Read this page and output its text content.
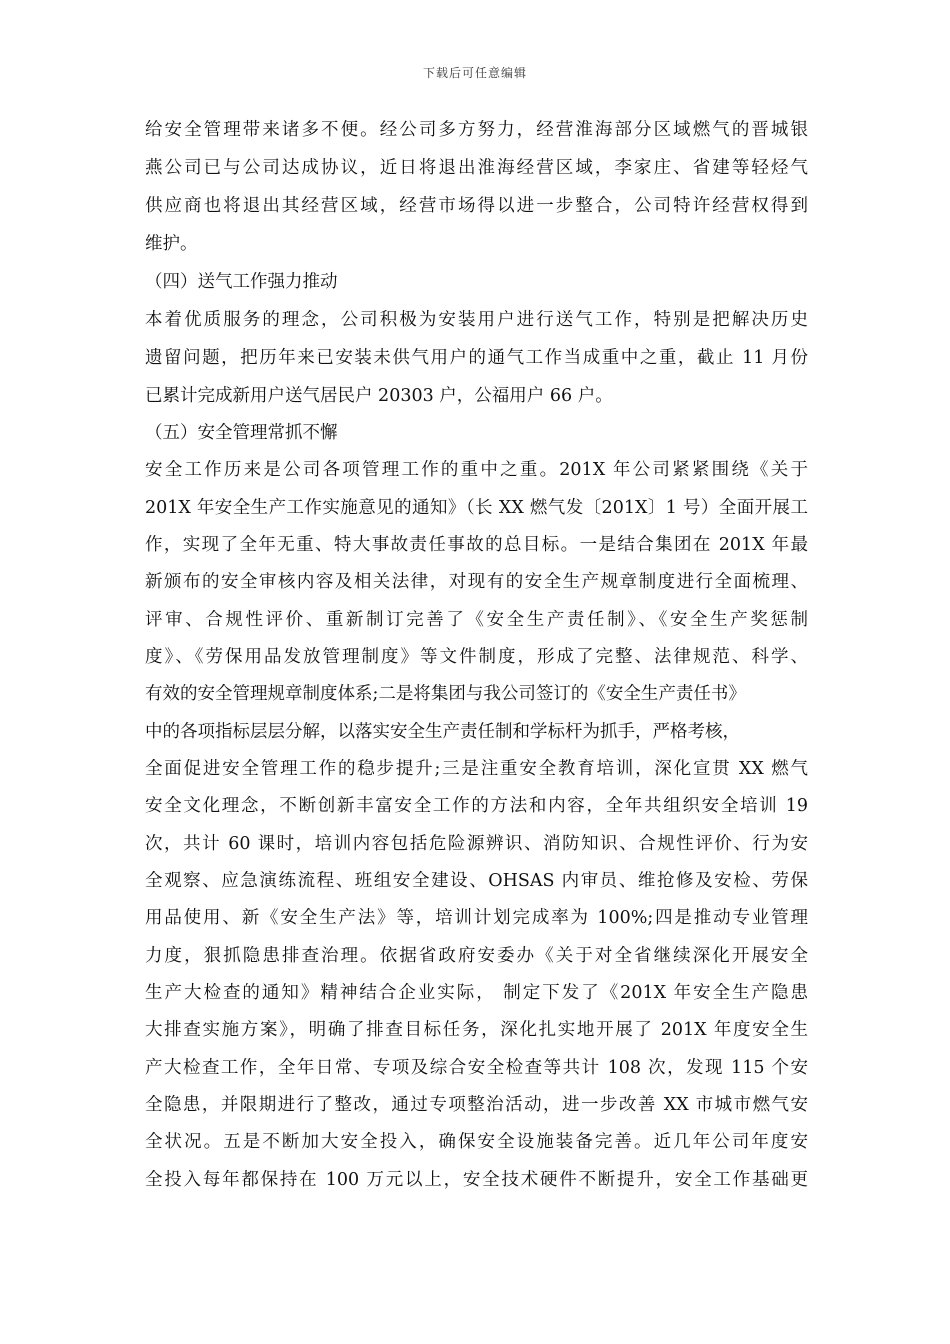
下载后可任意编辑
给安全管理带来诸多不便。经公司多方努力，经营淮海部分区域燃气的晋城银
燕公司已与公司达成协议，近日将退出淮海经营区域，李家庄、省建等轻烃气
供应商也将退出其经营区域，经营市场得以进一步整合，公司特许经营权得到
维护。
（四）送气工作强力推动
本着优质服务的理念，公司积极为安装用户进行送气工作，特别是把解决历史
遗留问题，把历年来已安装未供气用户的通气工作当成重中之重，截止 11 月份
已累计完成新用户送气居民户 20303 户，公福用户 66 户。
（五）安全管理常抓不懈
安全工作历来是公司各项管理工作的重中之重。201X 年公司紧紧围绕《关于
201X 年安全生产工作实施意见的通知》（长 XX 燃气发〔201X〕1 号）全面开展工
作，实现了全年无重、特大事故责任事故的总目标。一是结合集团在 201X 年最
新颁布的安全审核内容及相关法律，对现有的安全生产规章制度进行全面梳理、
评审、合规性评价、重新制订完善了《安全生产责任制》、《安全生产奖惩制
度》、《劳保用品发放管理制度》等文件制度，形成了完整、法律规范、科学、
有效的安全管理规章制度体系;二是将集团与我公司签订的《安全生产责任书》
中的各项指标层层分解，以落实安全生产责任制和学标杆为抓手，严格考核，
全面促进安全管理工作的稳步提升;三是注重安全教育培训，深化宣贯 XX 燃气
安全文化理念，不断创新丰富安全工作的方法和内容，全年共组织安全培训 19
次，共计 60 课时，培训内容包括危险源辨识、消防知识、合规性评价、行为安
全观察、应急演练流程、班组安全建设、OHSAS 内审员、维抢修及安检、劳保
用品使用、新《安全生产法》等，培训计划完成率为 100%;四是推动专业管理
力度，狠抓隐患排查治理。依据省政府安委办《关于对全省继续深化开展安全
生产大检查的通知》精神结合企业实际， 制定下发了《201X 年安全生产隐患
大排查实施方案》，明确了排查目标任务，深化扎实地开展了 201X 年度安全生
产大检查工作，全年日常、专项及综合安全检查等共计 108 次，发现 115 个安
全隐患，并限期进行了整改，通过专项整治活动，进一步改善 XX 市城市燃气安
全状况。五是不断加大安全投入，确保安全设施装备完善。近几年公司年度安
全投入每年都保持在 100 万元以上，安全技术硬件不断提升，安全工作基础更
